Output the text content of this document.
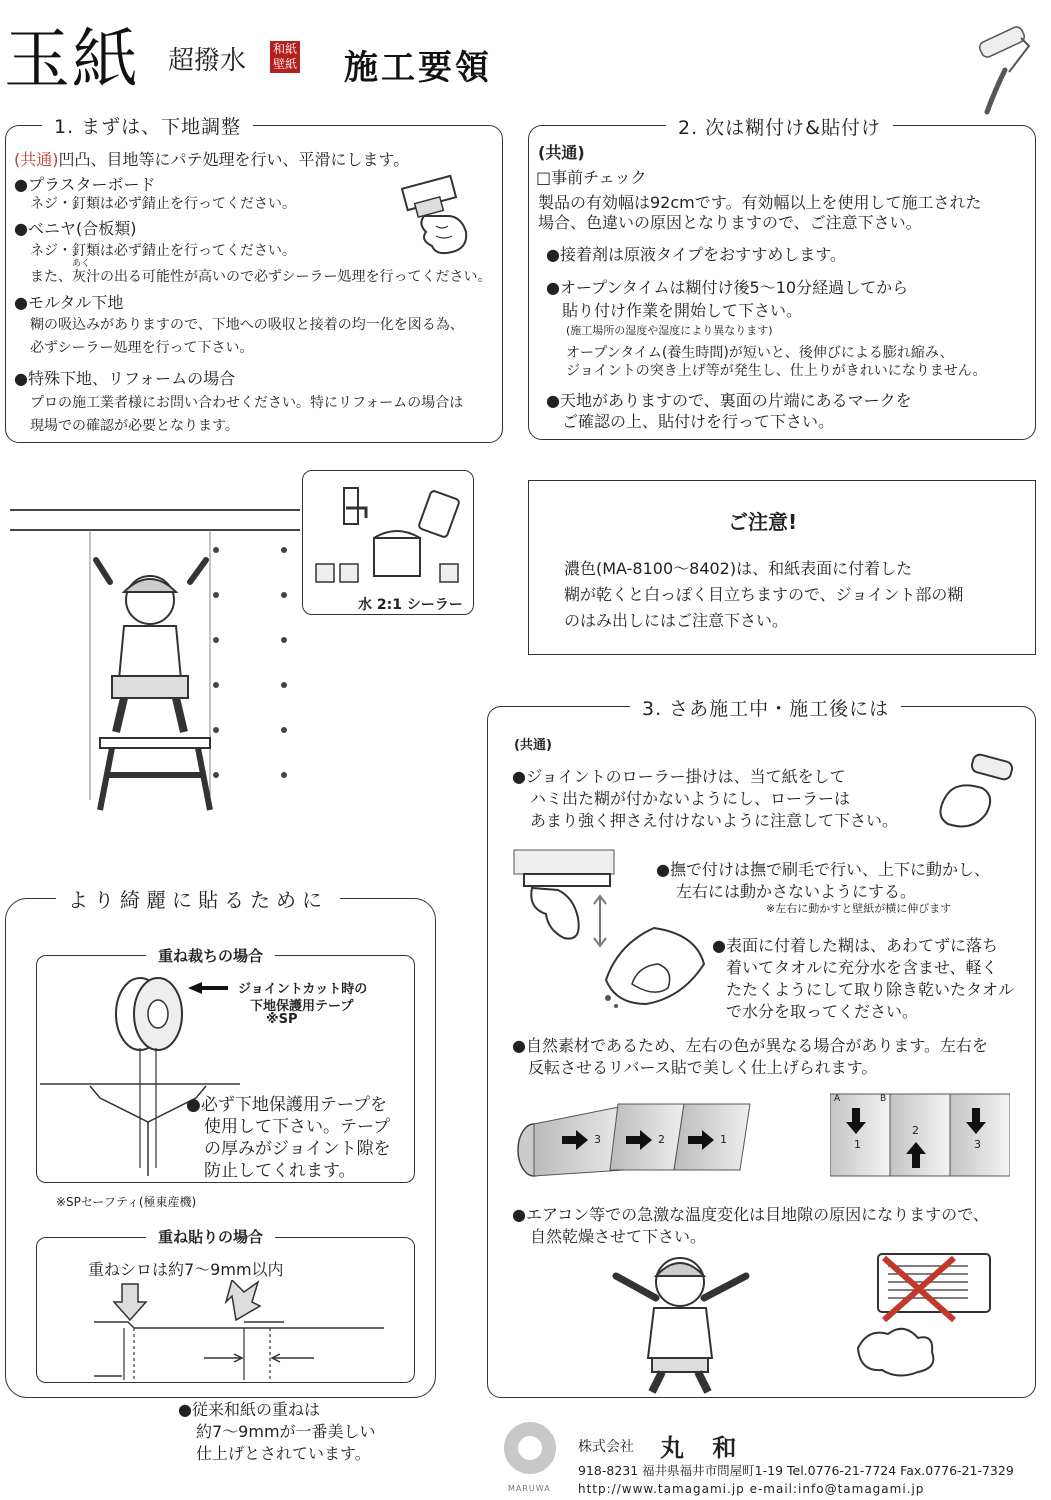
玉紙 超撥水 和紙
壁紙 施工要領
1. まずは、下地調整
(共通)凹凸、目地等にパテ処理を行い、平滑にします。
●プラスターボード
ネジ・釘類は必ず錆止を行ってください。
●ベニヤ(合板類)
ネジ・釘類は必ず錆止を行ってください。
あく
また、灰汁の出る可能性が高いので必ずシーラー処理を行ってください。
●モルタル下地
糊の吸込みがありますので、下地への吸収と接着の均一化を図る為、
必ずシーラー処理を行って下さい。
●特殊下地、リフォームの場合
プロの施工業者様にお問い合わせください。特にリフォームの場合は
現場での確認が必要となります。
2. 次は糊付け&貼付け
(共通)
□事前チェック
製品の有効幅は92cmです。有効幅以上を使用して施工された
場合、色違いの原因となりますので、ご注意下さい。
●接着剤は原液タイプをおすすめします。
●オープンタイムは糊付け後5〜10分経過してから
貼り付け作業を開始して下さい。
(施工場所の湿度や湿度により異なります)
オープンタイム(養生時間)が短いと、後伸びによる膨れ縮み、
ジョイントの突き上げ等が発生し、仕上りがきれいになりません。
●天地がありますので、裏面の片端にあるマークを
ご確認の上、貼付けを行って下さい。
水 2:1 シーラー
ご注意!
濃色(MA-8100〜8402)は、和紙表面に付着した
糊が乾くと白っぽく目立ちますので、ジョイント部の糊
のはみ出しにはご注意下さい。
3. さあ施工中・施工後には
(共通)
●ジョイントのローラー掛けは、当て紙をして
ハミ出た糊が付かないようにし、ローラーは
あまり強く押さえ付けないように注意して下さい。
●撫で付けは撫で刷毛で行い、上下に動かし、
左右には動かさないようにする。
※左右に動かすと壁紙が横に伸びます
●表面に付着した糊は、あわてずに落ち
着いてタオルに充分水を含ませ、軽く
たたくようにして取り除き乾いたタオル
で水分を取ってください。
●自然素材であるため、左右の色が異なる場合があります。左右を
反転させるリバース貼で美しく仕上げられます。
3	2	1
A	B
1
2
3
●エアコン等での急激な温度変化は目地隙の原因になりますので、
自然乾燥させて下さい。
より綺麗に貼るために
重ね裁ちの場合
ジョイントカット時の
下地保護用テープ
※SP
●必ず下地保護用テープを
使用して下さい。テープ
の厚みがジョイント隙を
防止してくれます。
※SPセーフティ(極東産機)
重ね貼りの場合
重ねシロは約7〜9mm以内
●従来和紙の重ねは
約7〜9mmが一番美しい
仕上げとされています。
MARUWA
株式会社 丸 和
918-8231 福井県福井市問屋町1-19 Tel.0776-21-7724 Fax.0776-21-7329
http://www.tamagami.jp e-mail:info@tamagami.jp
